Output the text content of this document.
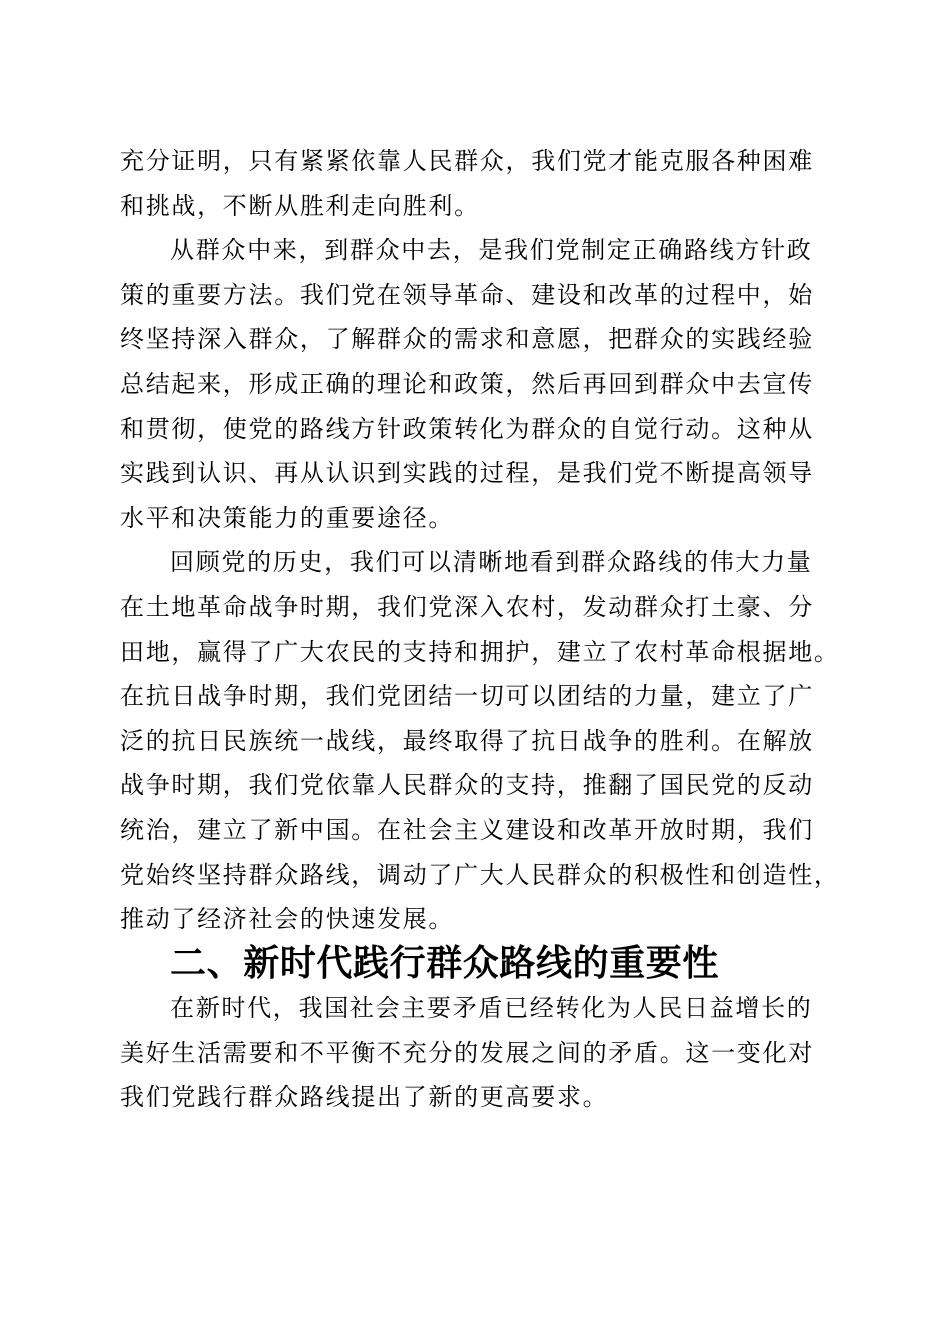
充分证明，只有紧紧依靠人民群众，我们党才能克服各种困难
和挑战，不断从胜利走向胜利。

从群众中来，到群众中去，是我们党制定正确路线方针政
策的重要方法。我们党在领导革命、建设和改革的过程中，始
终坚持深入群众，了解群众的需求和意愿，把群众的实践经验
总结起来，形成正确的理论和政策，然后再回到群众中去宣传
和贯彻，使党的路线方针政策转化为群众的自觉行动。这种从
实践到认识、再从认识到实践的过程，是我们党不断提高领导
水平和决策能力的重要途径。

回顾党的历史，我们可以清晰地看到群众路线的伟大力量
在土地革命战争时期，我们党深入农村，发动群众打土豪、分
田地，赢得了广大农民的支持和拥护，建立了农村革命根据地。
在抗日战争时期，我们党团结一切可以团结的力量，建立了广
泛的抗日民族统一战线，最终取得了抗日战争的胜利。在解放
战争时期，我们党依靠人民群众的支持，推翻了国民党的反动
统治，建立了新中国。在社会主义建设和改革开放时期，我们
党始终坚持群众路线，调动了广大人民群众的积极性和创造性，
推动了经济社会的快速发展。

二、新时代践行群众路线的重要性

在新时代，我国社会主要矛盾已经转化为人民日益增长的
美好生活需要和不平衡不充分的发展之间的矛盾。这一变化对
我们党践行群众路线提出了新的更高要求。
